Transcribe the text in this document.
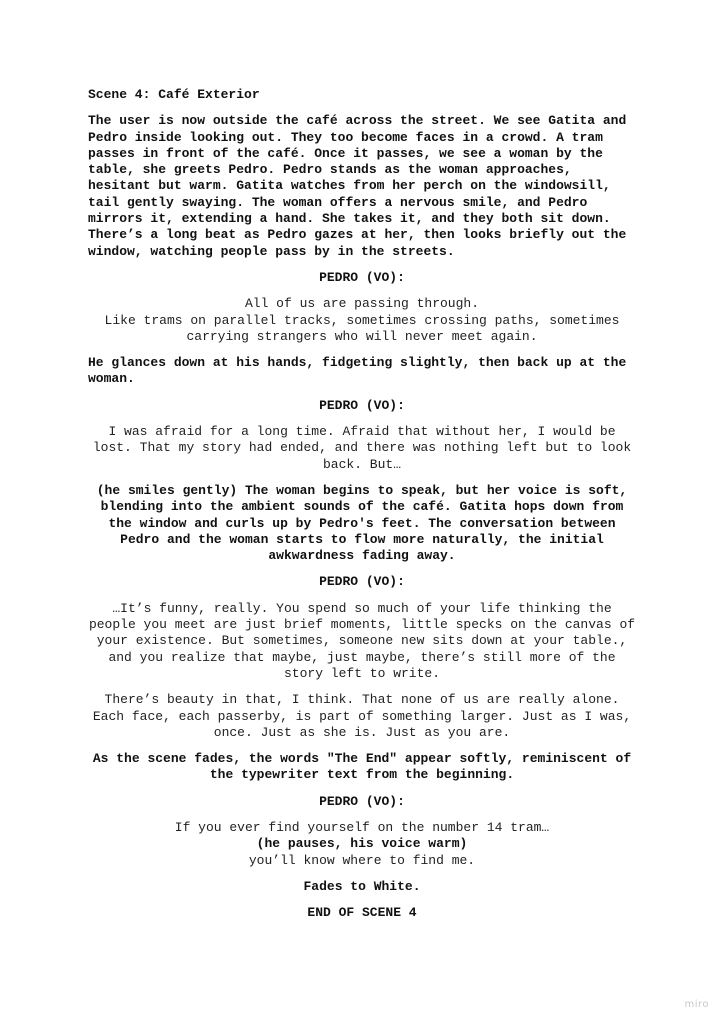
Scene 4: Café Exterior
The user is now outside the café across the street. We see Gatita and Pedro inside looking out. They too become faces in a crowd. A tram passes in front of the café. Once it passes, we see a woman by the table, she greets Pedro. Pedro stands as the woman approaches, hesitant but warm. Gatita watches from her perch on the windowsill, tail gently swaying. The woman offers a nervous smile, and Pedro mirrors it, extending a hand. She takes it, and they both sit down. There’s a long beat as Pedro gazes at her, then looks briefly out the window, watching people pass by in the streets.
PEDRO (VO):
All of us are passing through.
Like trams on parallel tracks, sometimes crossing paths, sometimes carrying strangers who will never meet again.
He glances down at his hands, fidgeting slightly, then back up at the woman.
PEDRO (VO):
I was afraid for a long time. Afraid that without her, I would be lost. That my story had ended, and there was nothing left but to look back. But…
(he smiles gently) The woman begins to speak, but her voice is soft, blending into the ambient sounds of the café. Gatita hops down from the window and curls up by Pedro's feet. The conversation between Pedro and the woman starts to flow more naturally, the initial awkwardness fading away.
PEDRO (VO):
…It’s funny, really. You spend so much of your life thinking the people you meet are just brief moments, little specks on the canvas of your existence. But sometimes, someone new sits down at your table., and you realize that maybe, just maybe, there’s still more of the story left to write.
There’s beauty in that, I think. That none of us are really alone. Each face, each passerby, is part of something larger. Just as I was, once. Just as she is. Just as you are.
As the scene fades, the words "The End" appear softly, reminiscent of the typewriter text from the beginning.
PEDRO (VO):
If you ever find yourself on the number 14 tram…
(he pauses, his voice warm)
you’ll know where to find me.
Fades to White.
END OF SCENE 4
miro
